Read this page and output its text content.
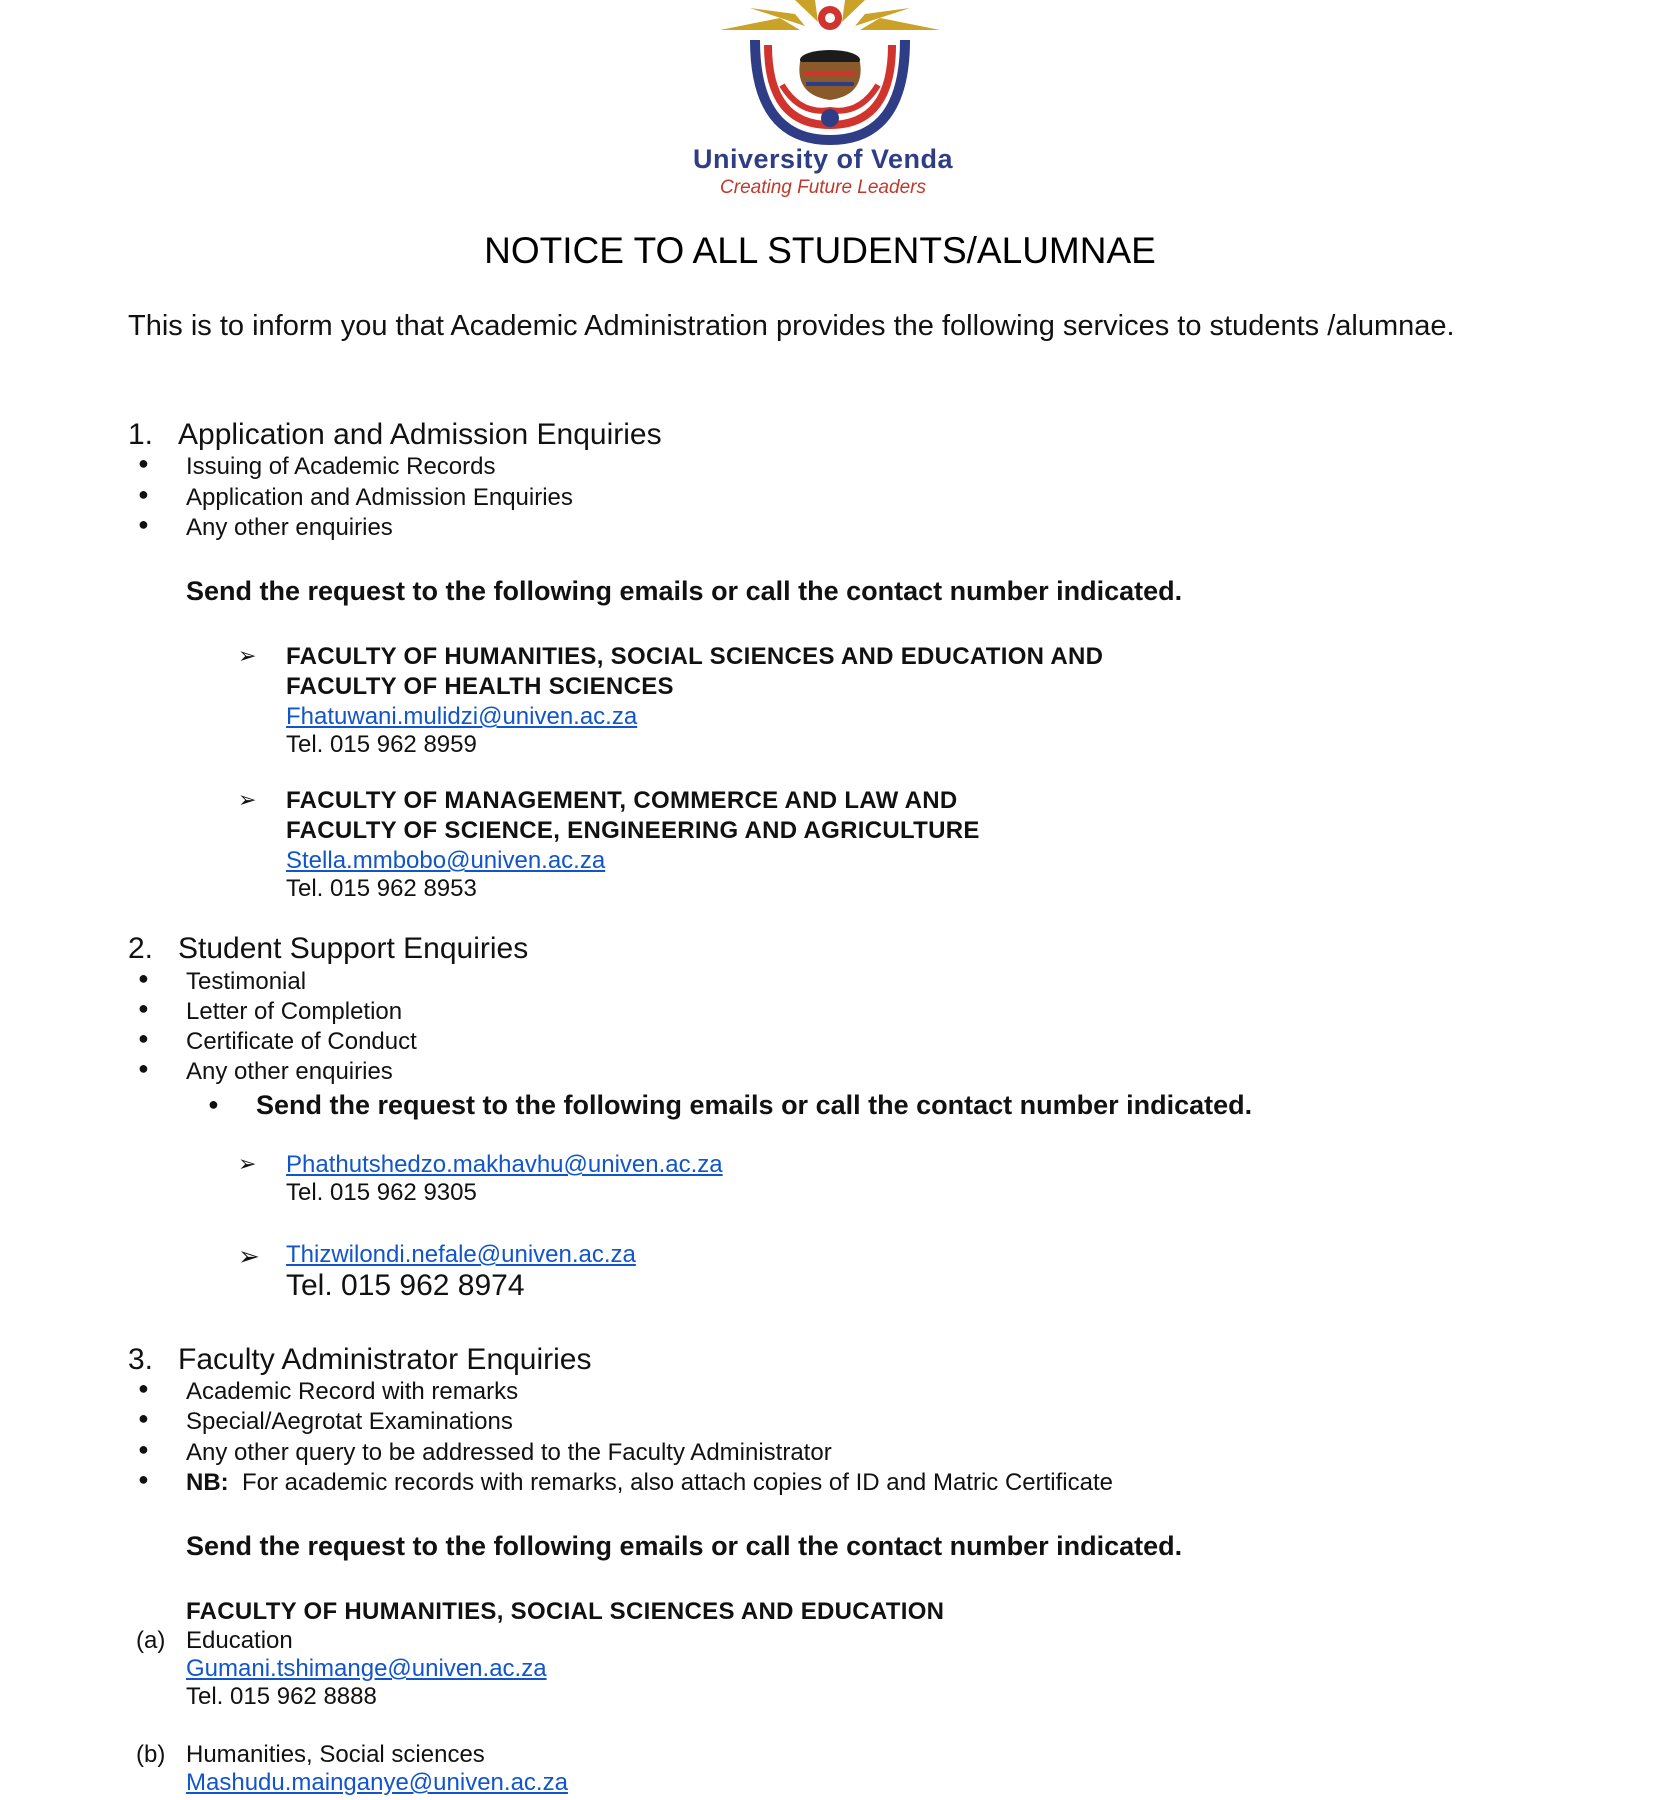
University of Venda
Creating Future Leaders
NOTICE TO ALL STUDENTS/ALUMNAE
This is to inform you that Academic Administration provides the following services to students /alumnae.
1. Application and Admission Enquiries
● Issuing of Academic Records
● Application and Admission Enquiries
● Any other enquiries
Send the request to the following emails or call the contact number indicated.
➢ FACULTY OF HUMANITIES, SOCIAL SCIENCES AND EDUCATION AND
FACULTY OF HEALTH SCIENCES
Fhatuwani.mulidzi@univen.ac.za
Tel. 015 962 8959
➢ FACULTY OF MANAGEMENT, COMMERCE AND LAW AND
FACULTY OF SCIENCE, ENGINEERING AND AGRICULTURE
Stella.mmbobo@univen.ac.za
Tel. 015 962 8953
2. Student Support Enquiries
● Testimonial
● Letter of Completion
● Certificate of Conduct
● Any other enquiries
● Send the request to the following emails or call the contact number indicated.
➢ Phathutshedzo.makhavhu@univen.ac.za
Tel. 015 962 9305
➢ Thizwilondi.nefale@univen.ac.za
Tel. 015 962 8974
3. Faculty Administrator Enquiries
● Academic Record with remarks
● Special/Aegrotat Examinations
● Any other query to be addressed to the Faculty Administrator
● NB: For academic records with remarks, also attach copies of ID and Matric Certificate
Send the request to the following emails or call the contact number indicated.
FACULTY OF HUMANITIES, SOCIAL SCIENCES AND EDUCATION
(a) Education
Gumani.tshimange@univen.ac.za
Tel. 015 962 8888
(b) Humanities, Social sciences
Mashudu.mainganye@univen.ac.za
